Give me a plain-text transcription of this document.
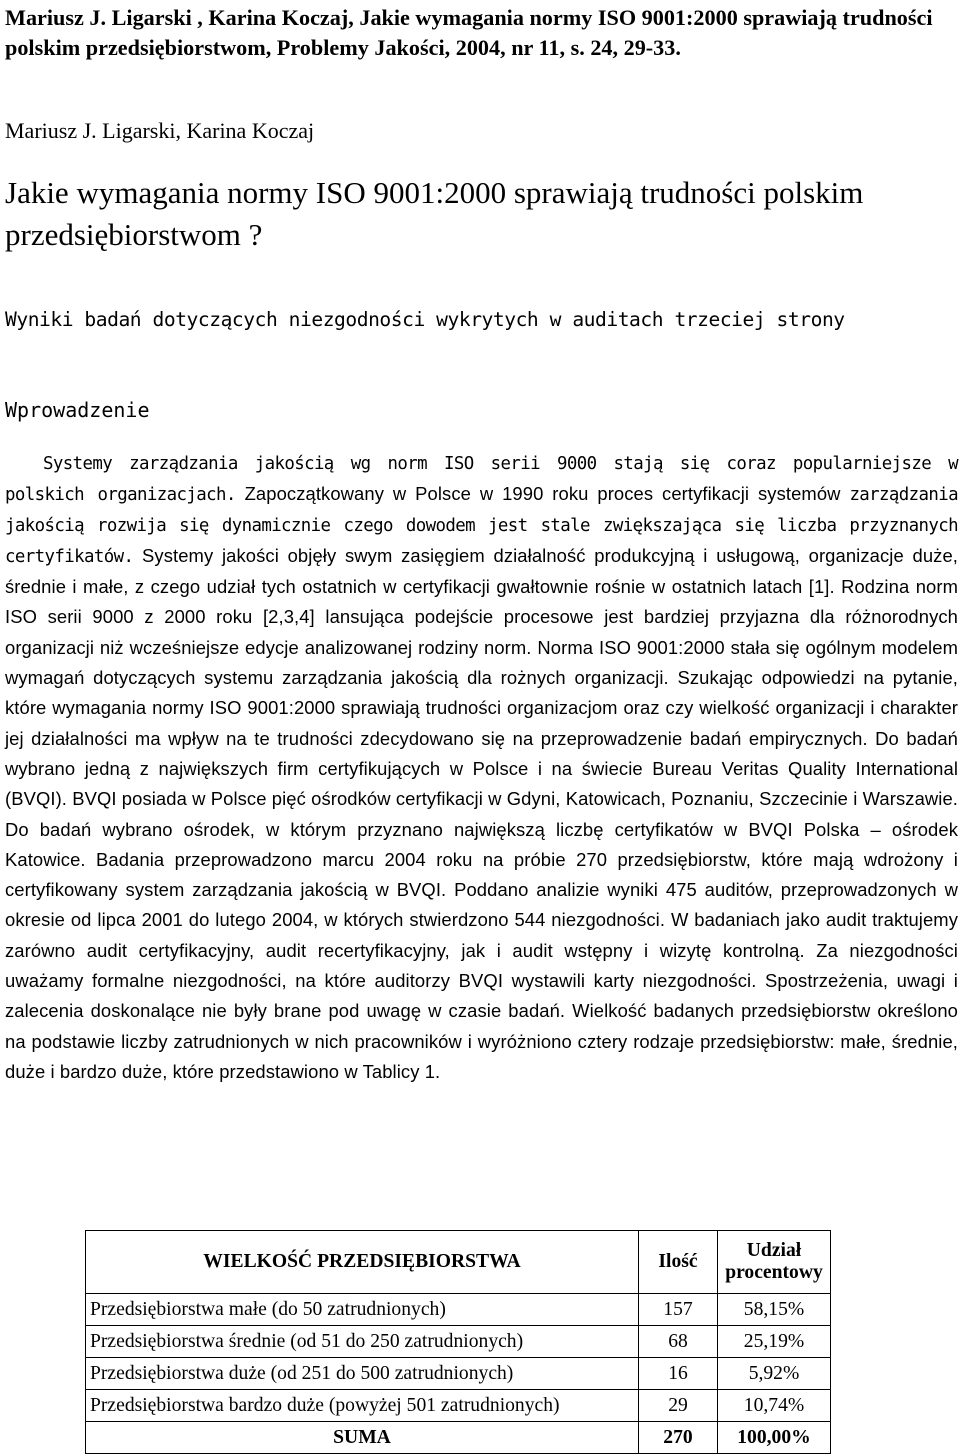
Mariusz J. Ligarski , Karina Koczaj, Jakie wymagania normy ISO 9001:2000 sprawiają trudności polskim przedsiębiorstwom, Problemy Jakości, 2004, nr 11, s. 24, 29-33.
Mariusz J. Ligarski, Karina Koczaj
Jakie wymagania normy ISO 9001:2000 sprawiają trudności polskim przedsiębiorstwom ?
Wyniki badań dotyczących niezgodności wykrytych w auditach trzeciej strony
Wprowadzenie
Systemy zarządzania jakością wg norm ISO serii 9000 stają się coraz popularniejsze w polskich organizacjach. Zapoczątkowany w Polsce w 1990 roku proces certyfikacji systemów zarządzania jakością rozwija się dynamicznie czego dowodem jest stale zwiększająca się liczba przyznanych certyfikatów. Systemy jakości objęły swym zasięgiem działalność produkcyjną i usługową, organizacje duże, średnie i małe, z czego udział tych ostatnich w certyfikacji gwałtownie rośnie w ostatnich latach [1]. Rodzina norm ISO serii 9000 z 2000 roku [2,3,4] lansująca podejście procesowe jest bardziej przyjazna dla różnorodnych organizacji niż wcześniejsze edycje analizowanej rodziny norm. Norma ISO 9001:2000 stała się ogólnym modelem wymagań dotyczących systemu zarządzania jakością dla rożnych organizacji. Szukając odpowiedzi na pytanie, które wymagania normy ISO 9001:2000 sprawiają trudności organizacjom oraz czy wielkość organizacji i charakter jej działalności ma wpływ na te trudności zdecydowano się na przeprowadzenie badań empirycznych. Do badań wybrano jedną z największych firm certyfikujących w Polsce i na świecie Bureau Veritas Quality International (BVQI). BVQI posiada w Polsce pięć ośrodków certyfikacji w Gdyni, Katowicach, Poznaniu, Szczecinie i Warszawie. Do badań wybrano ośrodek, w którym przyznano największą liczbę certyfikatów w BVQI Polska – ośrodek Katowice. Badania przeprowadzono marcu 2004 roku na próbie 270 przedsiębiorstw, które mają wdrożony i certyfikowany system zarządzania jakością w BVQI. Poddano analizie wyniki 475 auditów, przeprowadzonych w okresie od lipca 2001 do lutego 2004, w których stwierdzono 544 niezgodności. W badaniach jako audit traktujemy zarówno audit certyfikacyjny, audit recertyfikacyjny, jak i audit wstępny i wizytę kontrolną. Za niezgodności uważamy formalne niezgodności, na które auditorzy BVQI wystawili karty niezgodności. Spostrzeżenia, uwagi i zalecenia doskonalące nie były brane pod uwagę w czasie badań. Wielkość badanych przedsiębiorstw określono na podstawie liczby zatrudnionych w nich pracowników i wyróżniono cztery rodzaje przedsiębiorstw: małe, średnie, duże i bardzo duże, które przedstawiono w Tablicy 1.
WIELKOŚĆ PRZEDSIĘBIORSTWA	Ilość	Udział procentowy
Przedsiębiorstwa małe (do 50 zatrudnionych)	157	58,15%
Przedsiębiorstwa średnie (od 51 do 250 zatrudnionych)	68	25,19%
Przedsiębiorstwa duże (od 251 do 500 zatrudnionych)	16	5,92%
Przedsiębiorstwa bardzo duże (powyżej 501 zatrudnionych)	29	10,74%
SUMA	270	100,00%
